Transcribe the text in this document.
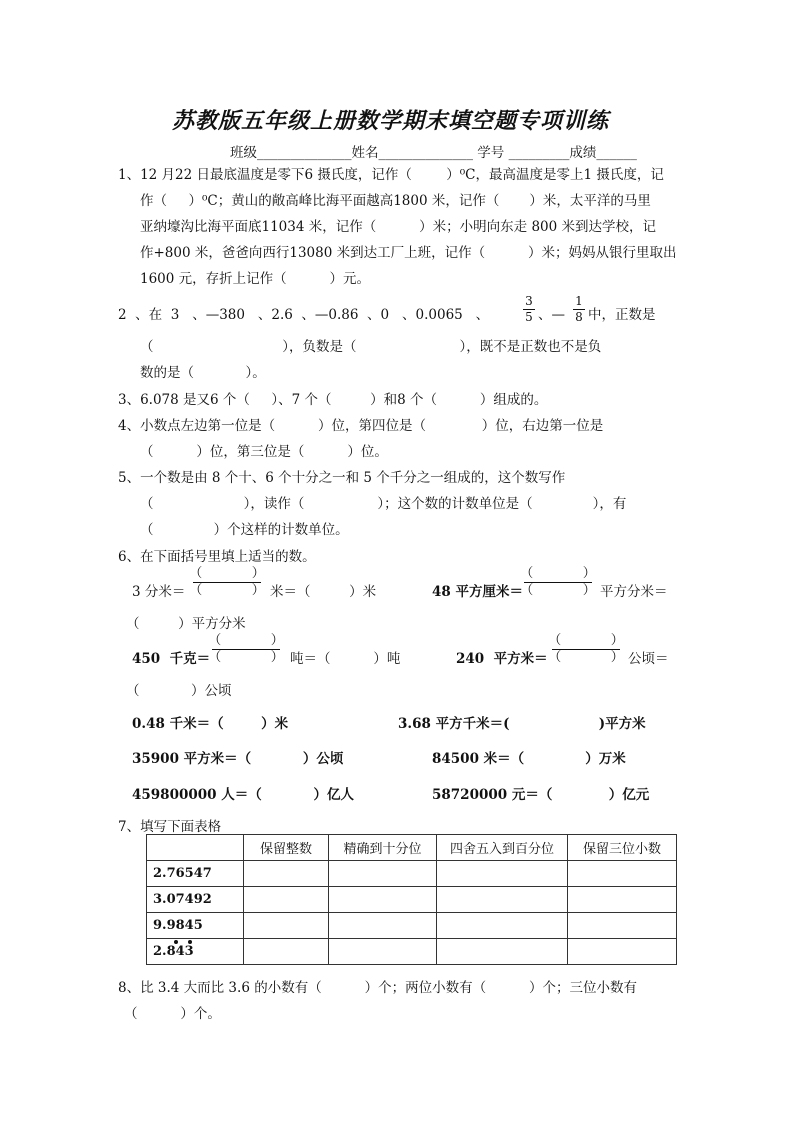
苏教版五年级上册数学期末填空题专项训练
班级______________姓名______________ 学号 _________成绩______
1、12 月22 日最底温度是零下6 摄氏度，记作（        ）⁰C，最高温度是零上1 摄氏度，记
作（     ）⁰C；黄山的敞高峰比海平面越高1800 米，记作（       ）米，太平洋的马里
亚纳壕沟比海平面底11034 米，记作（          ）米；小明向东走 800 米到达学校，记
作+800 米，爸爸向西行13080 米到达工厂上班，记作（          ）米；妈妈从银行里取出
1600 元，存折上记作（          ）元。
2  、在  3   、—380   、2.6  、—0.86  、0   、0.0065   、
3
5 、—
1
8 中，正数是
（                              ），负数是（                        ），既不是正数也不是负
数的是（            ）。
3、6.078 是又6 个（     ）、7 个（         ）和8 个（          ）组成的。
4、小数点左边第一位是（          ）位，第四位是（             ）位，右边第一位是
（          ）位，第三位是（          ）位。
5、一个数是由 8 个十、6 个十分之一和 5 个千分之一组成的，这个数写作
（                     ），读作（                 ）；这个数的计数单位是（              ），有
（              ）个这样的计数单位。
6、在下面括号里填上适当的数。
3 分米＝
（            ）
（            ） 米＝（         ）米	48 平方厘米＝
（            ）
（            ） 平方分米＝
（         ）平方分米
450  千克＝
（            ）
（            ） 吨＝（          ）吨	240  平方米＝
（            ）
（            ） 公顷＝
（            ）公顷
0.48 千米＝（        ）米	3.68 平方千米＝(                   )平方米
35900 平方米＝（           ）公顷	84500 米＝（             ）万米
459800000 人＝（           ）亿人	58720000 元＝（            ）亿元
7、填写下面表格
	保留整数	精确到十分位	四舍五入到百分位	保留三位小数
2.76547				
3.07492				
9.9845				
2.843

8、比 3.4 大而比 3.6 的小数有（          ）个；两位小数有（          ）个；三位小数有
（          ）个。
